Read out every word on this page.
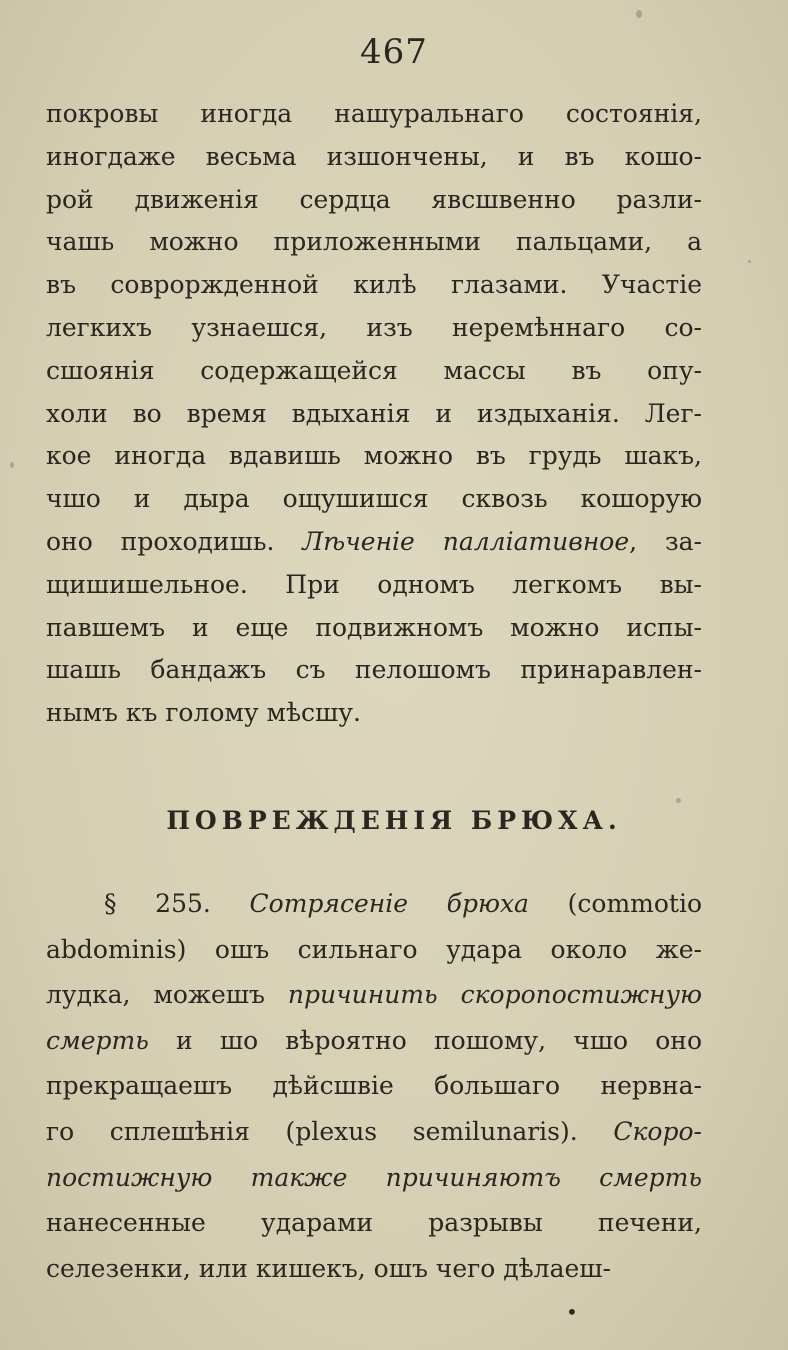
467
покровы иногда нашуральнаго состоянія,
иногдаже весьма изшончены, и въ кошо-
рой движенія сердца явсшвенно разли-
чашь можно приложенными пальцами, а
въ совроржденной килѣ глазами. Участіе
легкихъ узнаешся, изъ неремѣннаго со-
сшоянія содержащейся массы въ опу-
холи во время вдыханія и издыханія. Лег-
кое иногда вдавишь можно въ грудь шакъ,
чшо и дыра ощушишся сквозь кошорую
оно проходишь. Лѣченіе паллiативное, за-
щишишельное. При одномъ легкомъ вы-
павшемъ и еще подвижномъ можно испы-
шашь бандажъ съ пелошомъ принаравлен-
нымъ къ голому мѣсшу.
ПОВРЕЖДЕНІЯ БРЮХА.
§ 255. Сотрясеніе брюха (commotio
abdominis) ошъ сильнаго удара около же-
лудка, можешъ причинить скоропостижную
смерть и шо вѣроятно пошому, чшо оно
прекращаешъ дѣйсшвіе большаго нервна-
го сплешѣнія (plexus semilunaris). Скоро-
постижную также причиняютъ смерть
нанесенные ударами разрывы печени,
селезенки, или кишекъ, ошъ чего дѣлаеш-
•
